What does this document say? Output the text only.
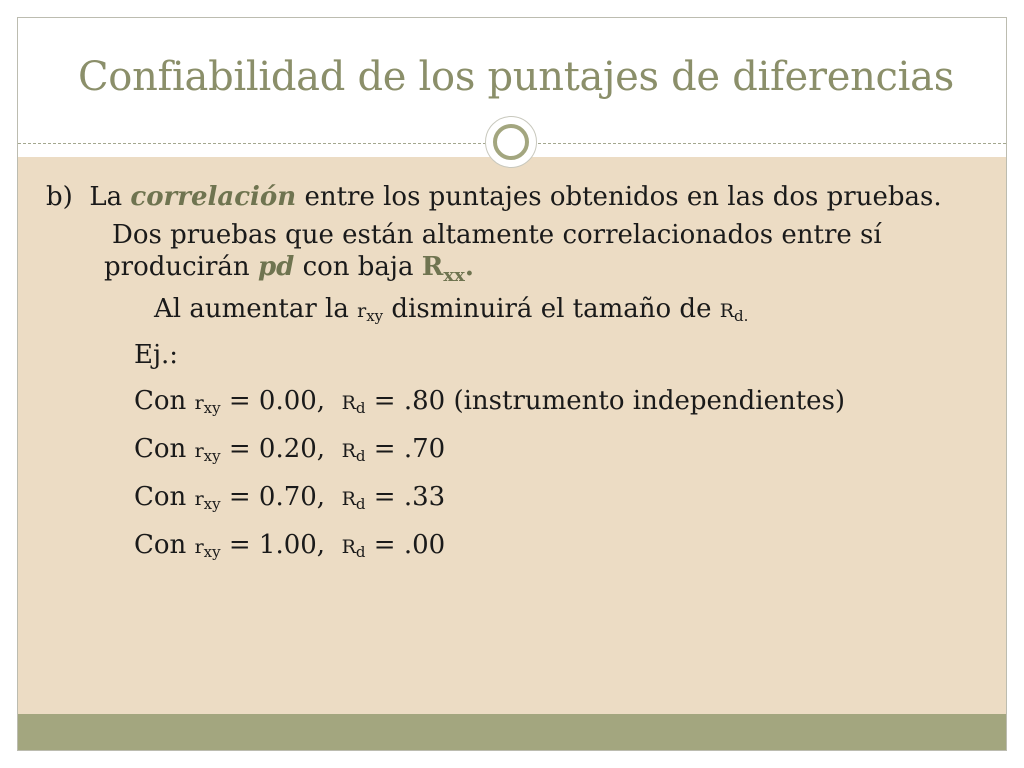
Confiabilidad de los puntajes de diferencias

b) La correlación entre los puntajes obtenidos en las dos pruebas.

Dos pruebas que están altamente correlacionados entre sí producirán pd con baja $R_{xx}$.

Al aumentar la $r_{xy}$ disminuirá el tamaño de $R_{d.}$

Ej.:

Con $r_{xy} = 0.00$, $R_d = .80$ (instrumento independientes)

Con $r_{xy} = 0.20$, $R_d = .70$

Con $r_{xy} = 0.70$, $R_d = .33$

Con $r_{xy} = 1.00$, $R_d = .00$
